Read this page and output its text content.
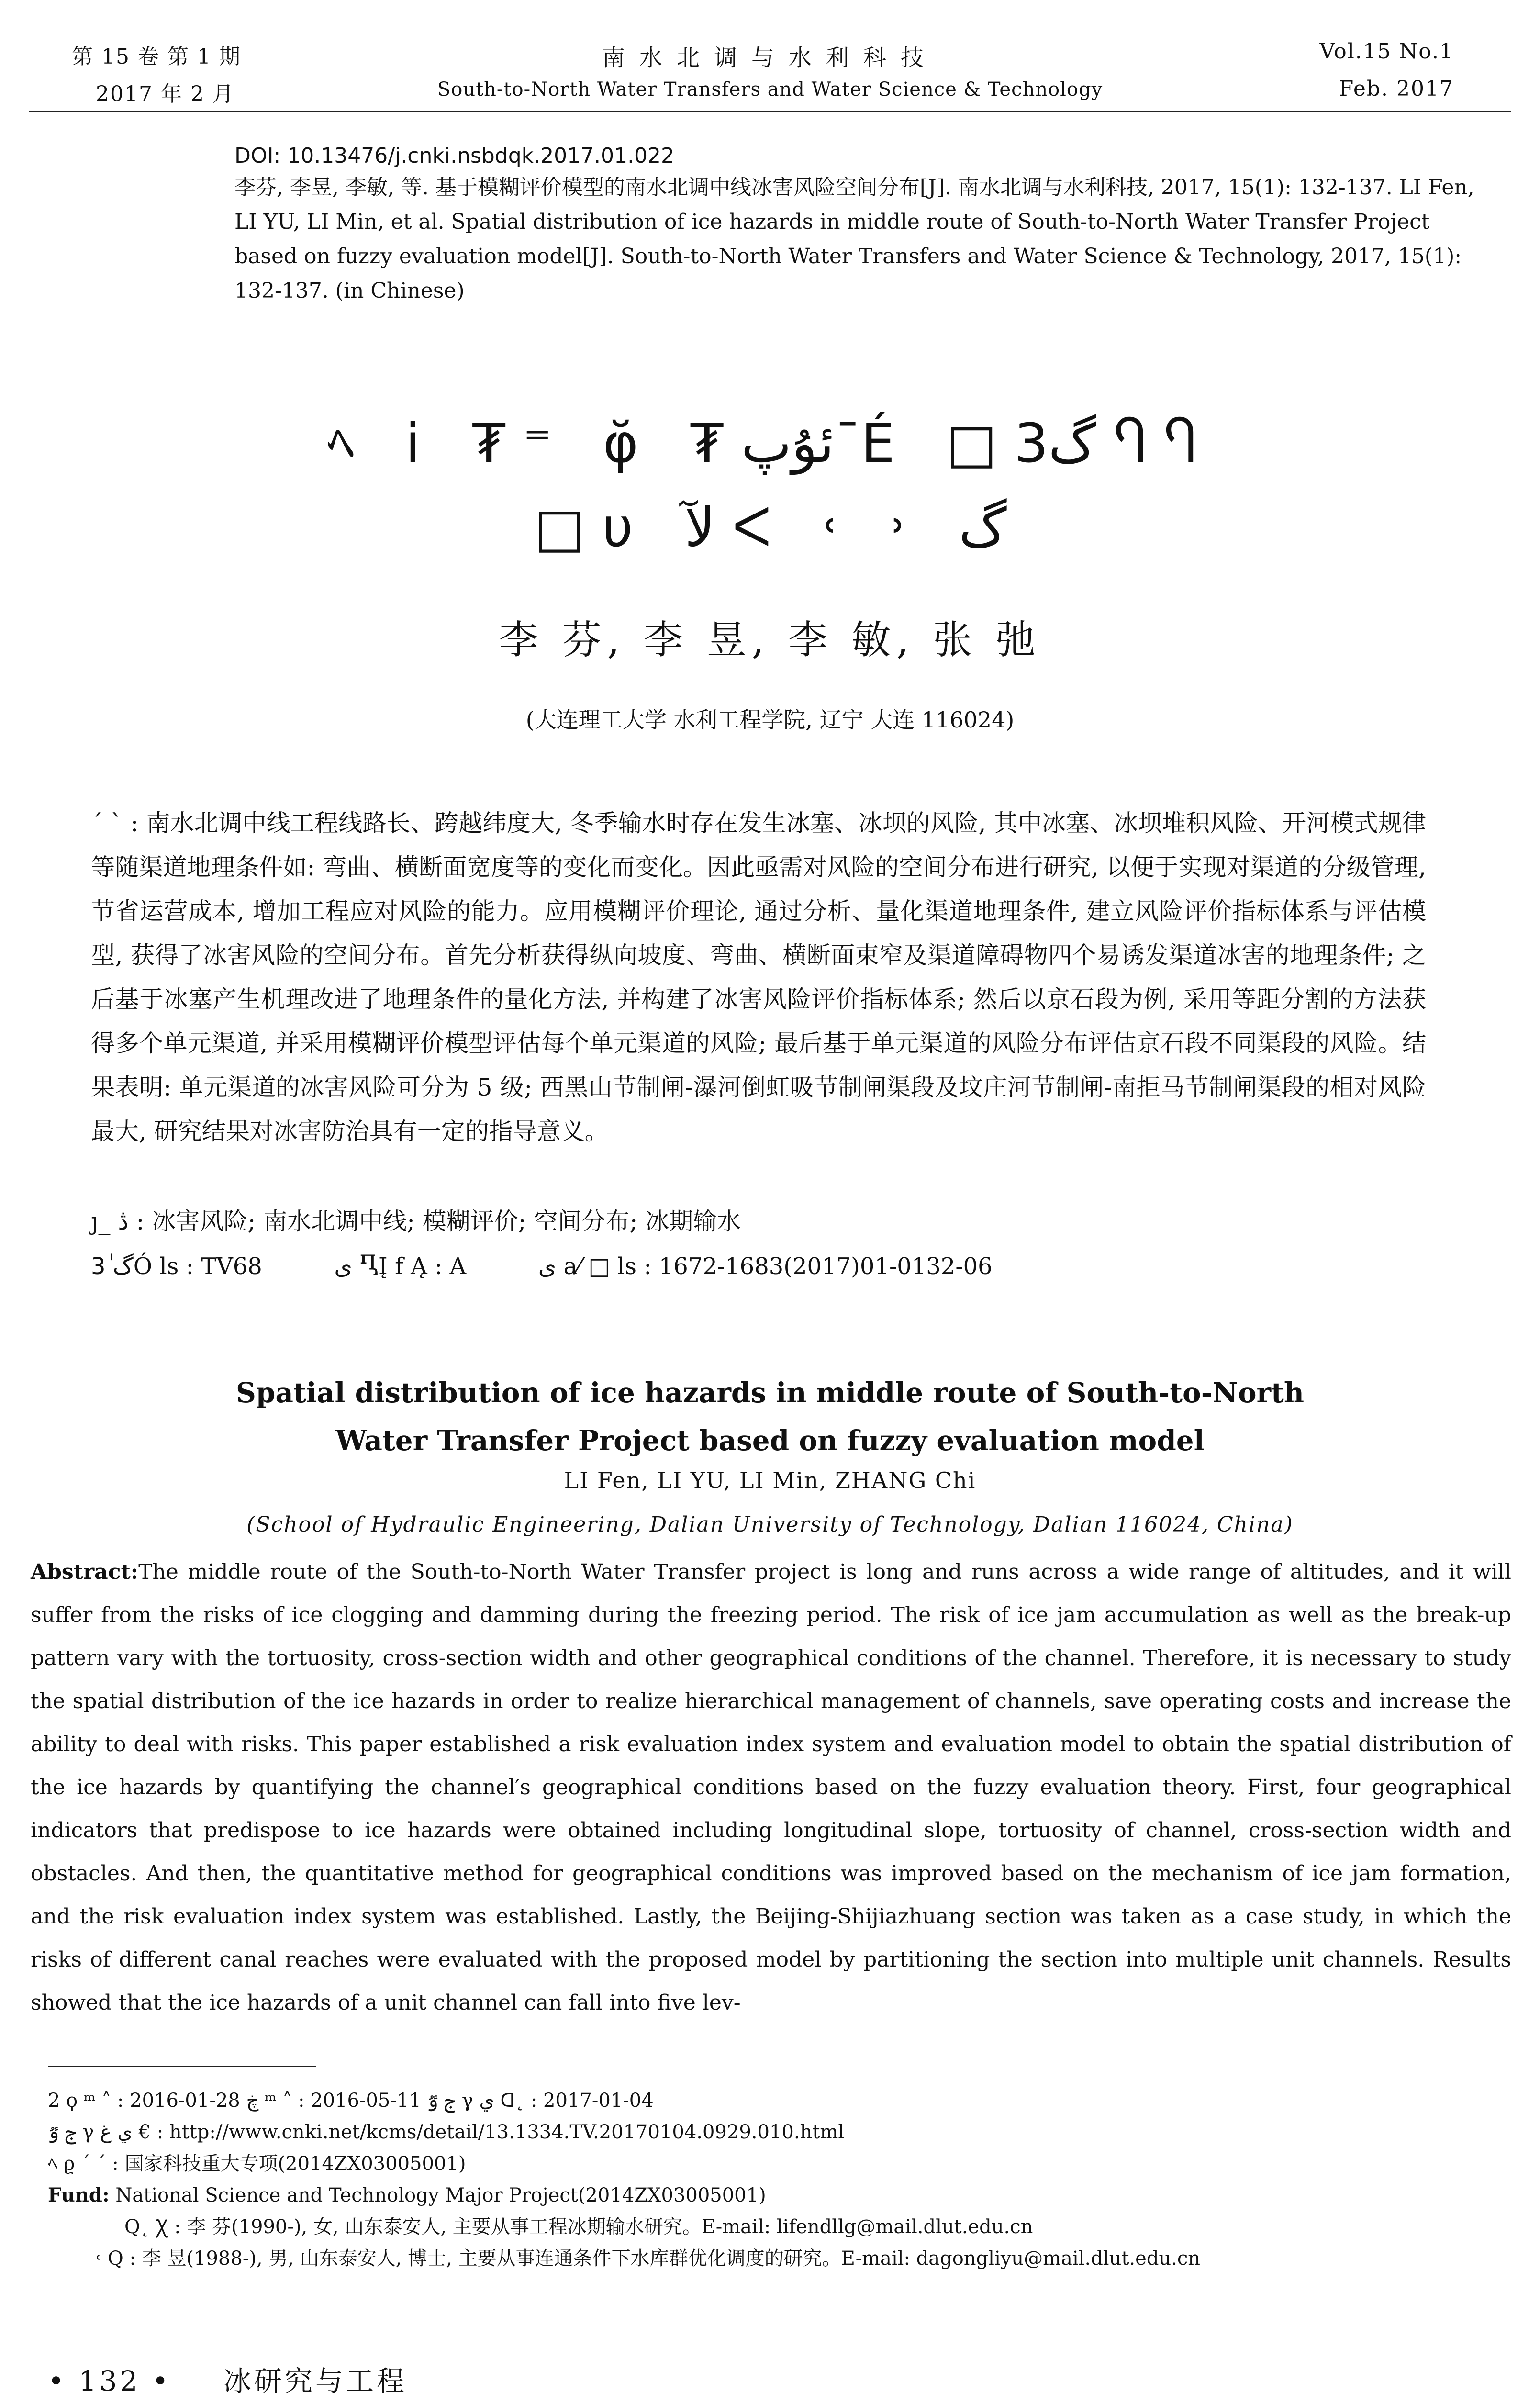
第 15 卷 第 1 期
2017 年 2 月
南水北调与水利科技
South-to-North Water Transfers and Water Science & Technology
Vol.15 No.1
Feb. 2017
DOI: 10.13476/j.cnki.nsbdqk.2017.01.022
李芬, 李昱, 李敏, 等. 基于模糊评价模型的南水北调中线冰害风险空间分布[J]. 南水北调与水利科技, 2017, 15(1): 132-137. LI Fen, LI YU, LI Min, et al. Spatial distribution of ice hazards in middle route of South-to-North Water Transfer Project based on fuzzy evaluation model[J]. South-to-North Water Transfers and Water Science & Technology, 2017, 15(1): 132-137. (in Chinese)
ﾍ i ₮⁼ φ̆ ₮ئۇپ¯É □گ3 ႤႤ
□υ ﻵ ᐸ ˓ ˒ گ
李 芬, 李 昱, 李 敏, 张 弛
(大连理工大学 水利工程学院, 辽宁 大连 116024)
ˊ ˋ : 南水北调中线工程线路长、跨越纬度大, 冬季输水时存在发生冰塞、冰坝的风险, 其中冰塞、冰坝堆积风险、开河模式规律等随渠道地理条件如: 弯曲、横断面宽度等的变化而变化。因此亟需对风险的空间分布进行研究, 以便于实现对渠道的分级管理, 节省运营成本, 增加工程应对风险的能力。应用模糊评价理论, 通过分析、量化渠道地理条件, 建立风险评价指标体系与评估模型, 获得了冰害风险的空间分布。首先分析获得纵向坡度、弯曲、横断面束窄及渠道障碍物四个易诱发渠道冰害的地理条件; 之后基于冰塞产生机理改进了地理条件的量化方法, 并构建了冰害风险评价指标体系; 然后以京石段为例, 采用等距分割的方法获得多个单元渠道, 并采用模糊评价模型评估每个单元渠道的风险; 最后基于单元渠道的风险分布评估京石段不同渠段的风险。结果表明: 单元渠道的冰害风险可分为 5 级; 西黑山节制闸-瀑河倒虹吸节制闸渠段及坟庄河节制闸-南拒马节制闸渠段的相对风险最大, 研究结果对冰害防治具有一定的指导意义。
ȷ_ ڎ : 冰害风险; 南水北调中线; 模糊评价; 空间分布; 冰期输水
3ٰ گÓ ls : TV68	ى ႢĮ f Ą : A	ى a⁄ □ ls : 1672-1683(2017)01-0132-06
Spatial distribution of ice hazards in middle route of South-to-North
Water Transfer Project based on fuzzy evaluation model
LI Fen, LI YU, LI Min, ZHANG Chi
(School of Hydraulic Engineering, Dalian University of Technology, Dalian 116024, China)
Abstract:The middle route of the South-to-North Water Transfer project is long and runs across a wide range of altitudes, and it will suffer from the risks of ice clogging and damming during the freezing period. The risk of ice jam accumulation as well as the break-up pattern vary with the tortuosity, cross-section width and other geographical conditions of the channel. Therefore, it is necessary to study the spatial distribution of the ice hazards in order to realize hierarchical management of channels, save operating costs and increase the ability to deal with risks. This paper established a risk evaluation index system and evaluation model to obtain the spatial distribution of the ice hazards by quantifying the channel′s geographical conditions based on the fuzzy evaluation theory. First, four geographical indicators that predispose to ice hazards were obtained including longitudinal slope, tortuosity of channel, cross-section width and obstacles. And then, the quantitative method for geographical conditions was improved based on the mechanism of ice jam formation, and the risk evaluation index system was established. Lastly, the Beijing-Shijiazhuang section was taken as a case study, in which the risks of different canal reaches were evaluated with the proposed model by partitioning the section into multiple unit channels. Results showed that the ice hazards of a unit channel can fall into five lev-
2 ϙ ᵐ ˄ : 2016-01-28 ڿ ᵐ ˄ : 2016-05-11 ج ٷ γ ي ᗡ˛ : 2017-01-04
ج ٷ γ ي غ € : http://www.cnki.net/kcms/detail/13.1334.TV.20170104.0929.010.html
ﾍ ϱ ˊ ˊ : 国家科技重大专项(2014ZX03005001)
Fund: National Science and Technology Major Project(2014ZX03005001)
Q˛ Ꭓ : 李 芬(1990-), 女, 山东泰安人, 主要从事工程冰期输水研究。E-mail: lifendllg@mail.dlut.edu.cn
˓ Q : 李 昱(1988-), 男, 山东泰安人, 博士, 主要从事连通条件下水库群优化调度的研究。E-mail: dagongliyu@mail.dlut.edu.cn
• 132 • 冰研究与工程
